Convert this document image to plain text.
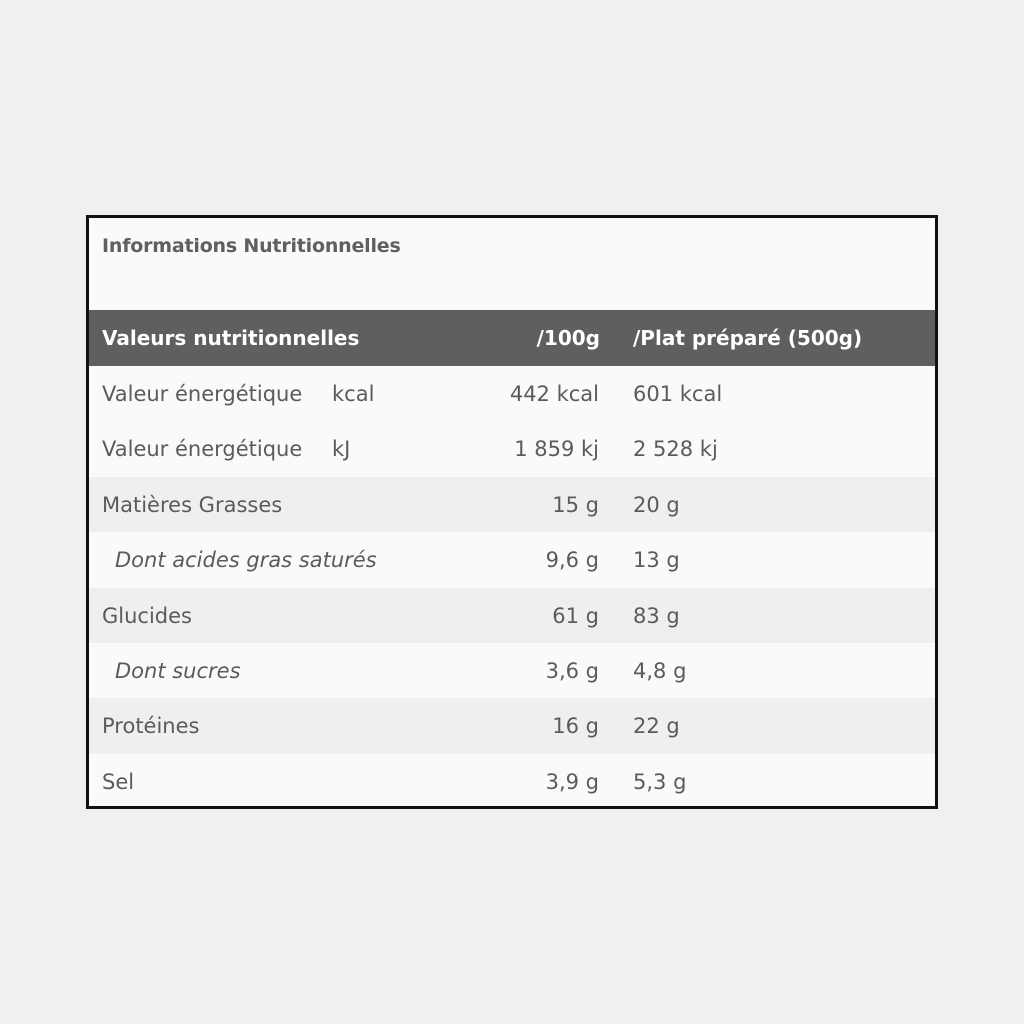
Informations Nutritionnelles
Valeurs nutritionnelles	/100g /Plat préparé (500g)
Valeur énergétique kcal	442 kcal 601 kcal
Valeur énergétique kJ	1 859 kj 2 528 kj
Matières Grasses	15 g 20 g
Dont acides gras saturés	9,6 g 13 g
Glucides	61 g 83 g
Dont sucres	3,6 g 4,8 g
Protéines	16 g 22 g
Sel	3,9 g 5,3 g
